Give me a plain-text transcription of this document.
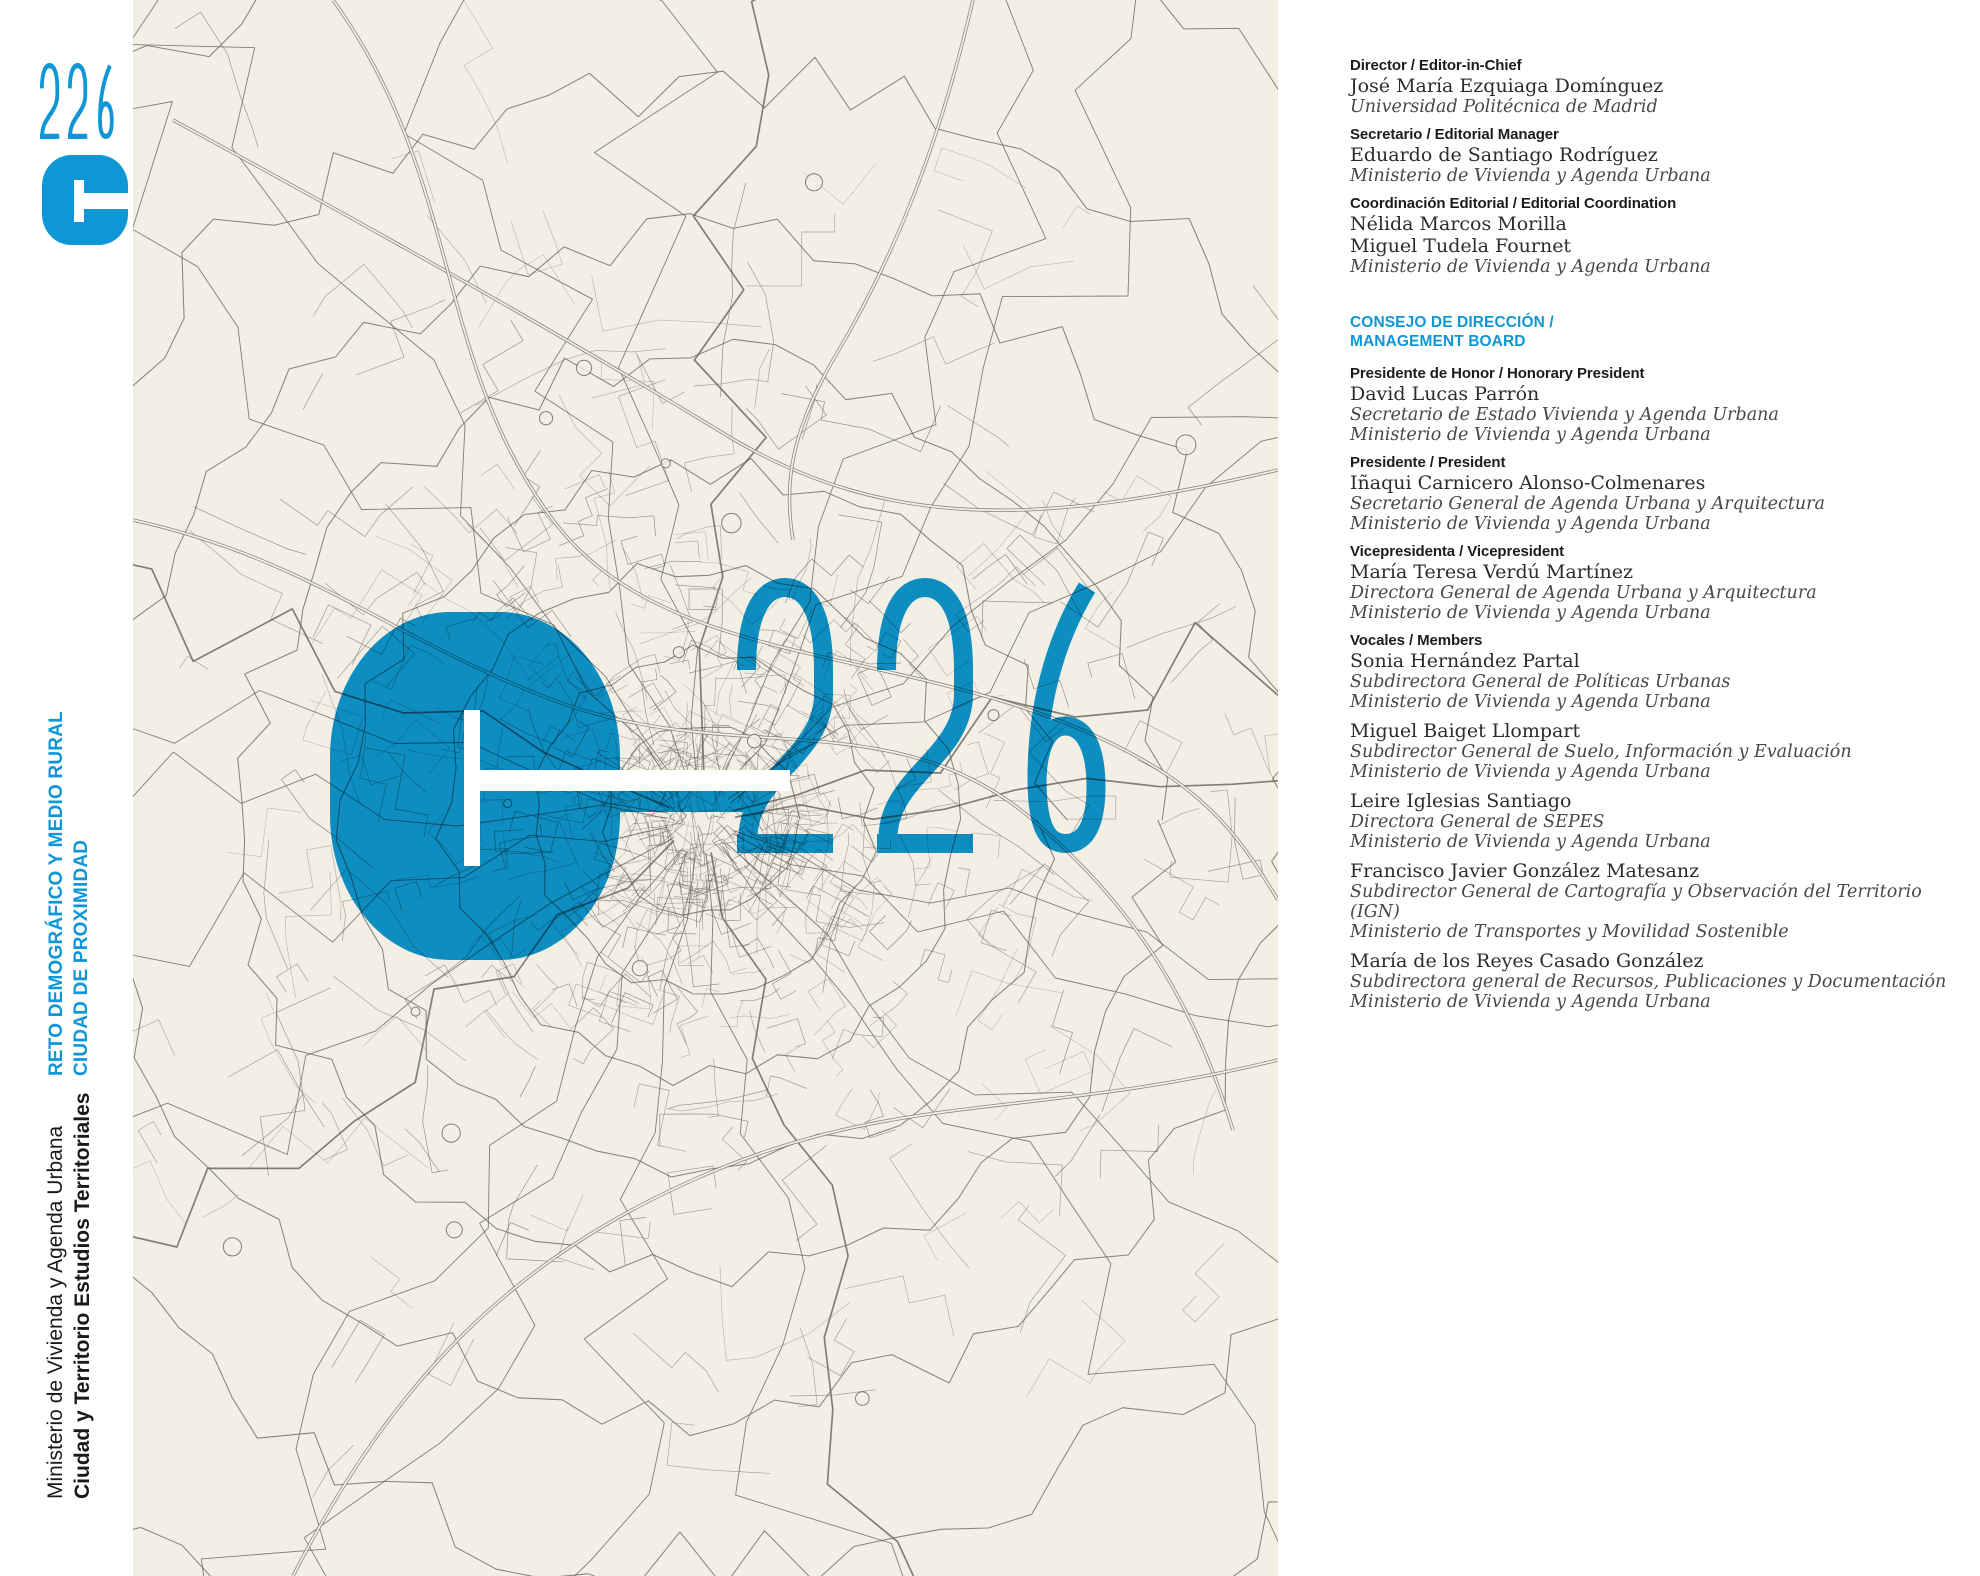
RETO DEMOGRÁFICO Y MEDIO RURAL CIUDAD DE PROXIMIDAD
Ministerio de Vivienda y Agenda Urbana Ciudad y Territorio Estudios Territoriales
Director / Editor-in-Chief
José María Ezquiaga Domínguez
Universidad Politécnica de Madrid
Secretario / Editorial Manager
Eduardo de Santiago Rodríguez
Ministerio de Vivienda y Agenda Urbana
Coordinación Editorial / Editorial Coordination
Nélida Marcos Morilla
Miguel Tudela Fournet
Ministerio de Vivienda y Agenda Urbana
CONSEJO DE DIRECCIÓN /
MANAGEMENT BOARD
Presidente de Honor / Honorary President
David Lucas Parrón
Secretario de Estado Vivienda y Agenda Urbana
Ministerio de Vivienda y Agenda Urbana
Presidente / President
Iñaqui Carnicero Alonso-Colmenares
Secretario General de Agenda Urbana y Arquitectura
Ministerio de Vivienda y Agenda Urbana
Vicepresidenta / Vicepresident
María Teresa Verdú Martínez
Directora General de Agenda Urbana y Arquitectura
Ministerio de Vivienda y Agenda Urbana
Vocales / Members
Sonia Hernández Partal
Subdirectora General de Políticas Urbanas
Ministerio de Vivienda y Agenda Urbana
Miguel Baiget Llompart
Subdirector General de Suelo, Información y Evaluación
Ministerio de Vivienda y Agenda Urbana
Leire Iglesias Santiago
Directora General de SEPES
Ministerio de Vivienda y Agenda Urbana
Francisco Javier González Matesanz
Subdirector General de Cartografía y Observación del Territorio (IGN)
Ministerio de Transportes y Movilidad Sostenible
María de los Reyes Casado González
Subdirectora general de Recursos, Publicaciones y Documentación
Ministerio de Vivienda y Agenda Urbana
